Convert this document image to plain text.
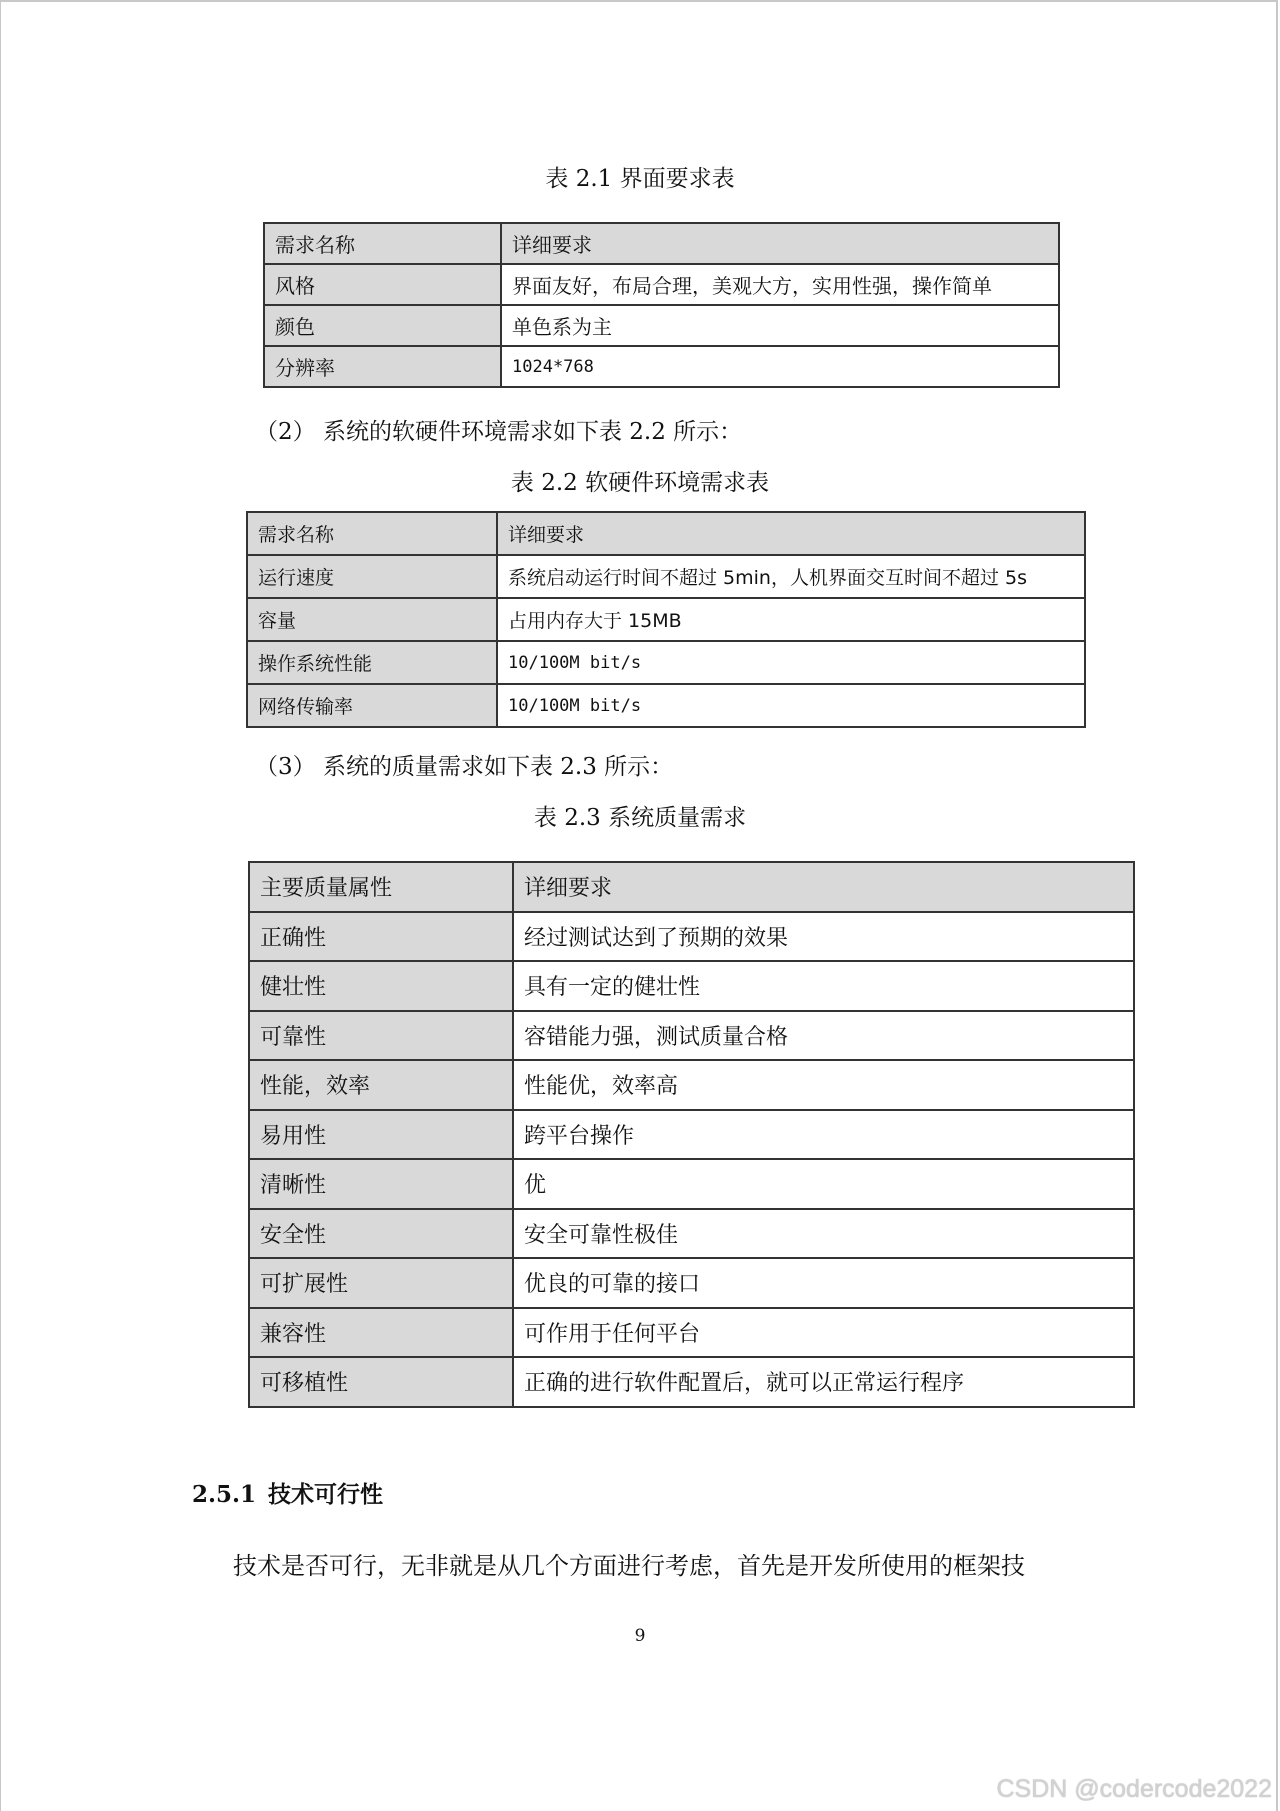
表 2.1 界面要求表
需求名称	详细要求
风格	界面友好，布局合理，美观大方，实用性强，操作简单
颜色	单色系为主
分辨率	1024*768
（2） 系统的软硬件环境需求如下表 2.2 所示：
表 2.2 软硬件环境需求表
需求名称	详细要求
运行速度	系统启动运行时间不超过 5min，人机界面交互时间不超过 5s
容量	占用内存大于 15MB
操作系统性能	10/100M bit/s
网络传输率	10/100M bit/s
（3） 系统的质量需求如下表 2.3 所示：
表 2.3 系统质量需求
主要质量属性	详细要求
正确性	经过测试达到了预期的效果
健壮性	具有一定的健壮性
可靠性	容错能力强，测试质量合格
性能，效率	性能优，效率高
易用性	跨平台操作
清晰性	优
安全性	安全可靠性极佳
可扩展性	优良的可靠的接口
兼容性	可作用于任何平台
可移植性	正确的进行软件配置后，就可以正常运行程序
2.5.1 技术可行性
技术是否可行，无非就是从几个方面进行考虑，首先是开发所使用的框架技
9
CSDN @codercode2022
